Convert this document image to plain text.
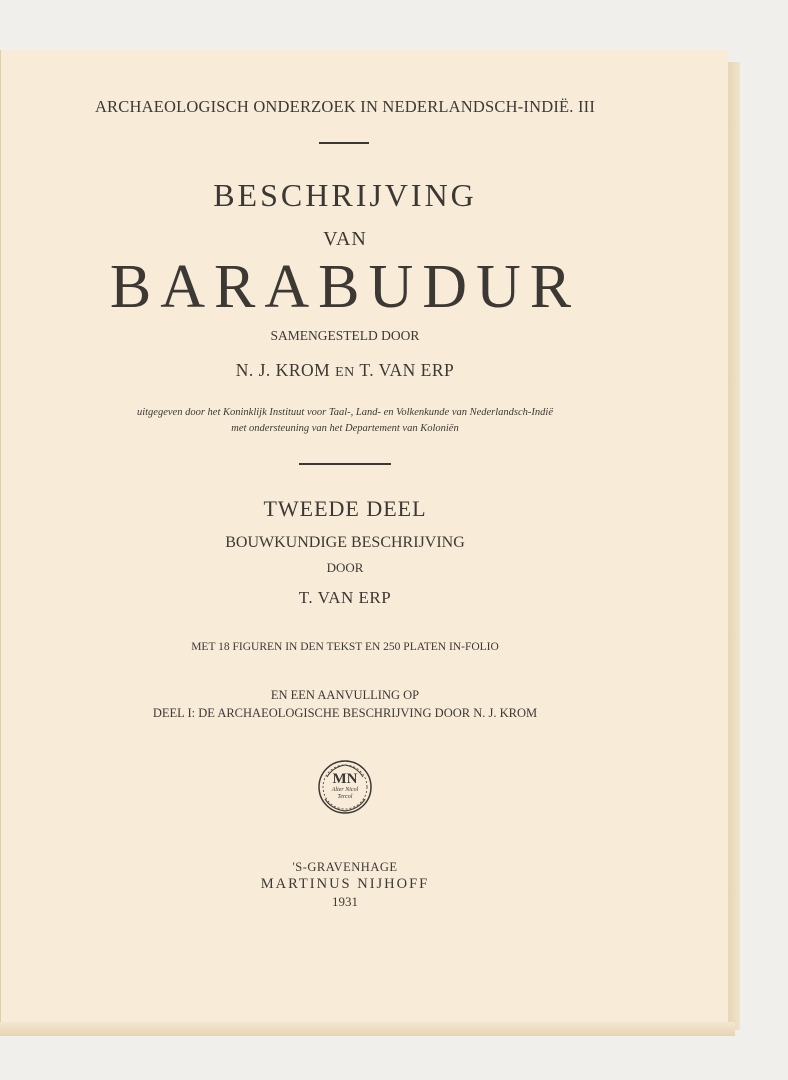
ARCHAEOLOGISCH ONDERZOEK IN NEDERLANDSCH-INDIË. III
BESCHRIJVING
VAN
BARABUDUR
SAMENGESTELD DOOR
N. J. KROM EN T. VAN ERP
uitgegeven door het Koninklijk Instituut voor Taal-, Land- en Volkenkunde van Nederlandsch-Indië
met ondersteuning van het Departement van Koloniën
TWEEDE DEEL
BOUWKUNDIGE BESCHRIJVING
DOOR
T. VAN ERP
MET 18 FIGUREN IN DEN TEKST EN 250 PLATEN IN-FOLIO
EN EEN AANVULLING OP
DEEL I: DE ARCHAEOLOGISCHE BESCHRIJVING DOOR N. J. KROM
MN
Alter Nicol
Tercol
'S-GRAVENHAGE
MARTINUS NIJHOFF
1931
